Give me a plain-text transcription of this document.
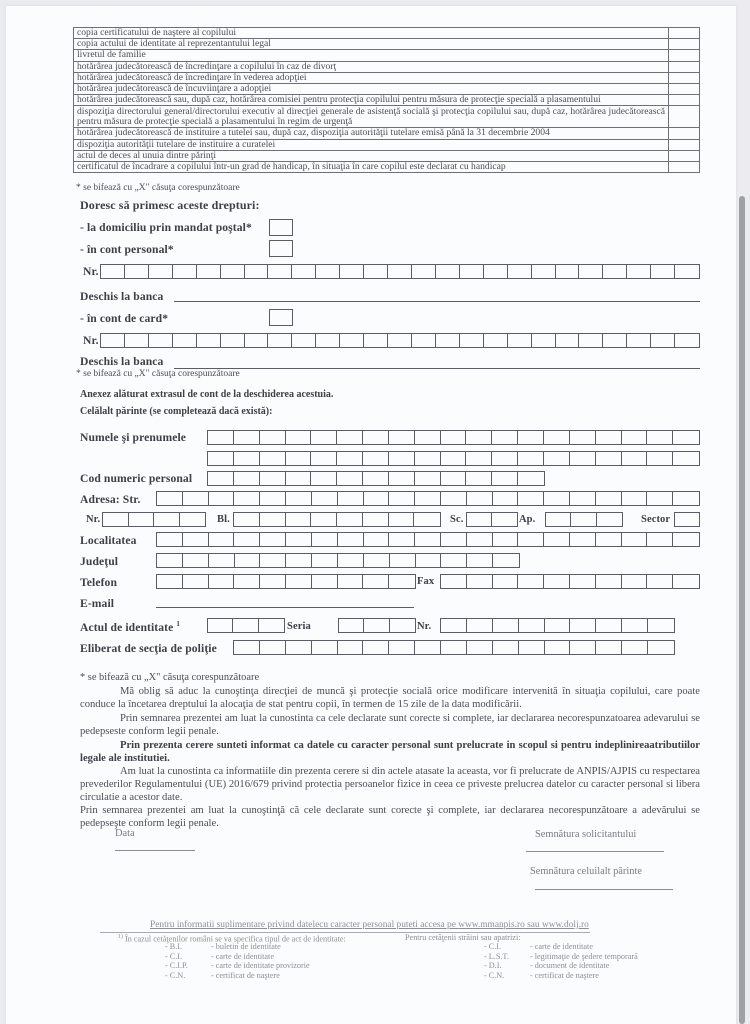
copia certificatului de naştere al copilului	
copia actului de identitate al reprezentantului legal	
livretul de familie	
hotărârea judecătorească de încredinţare a copilului în caz de divorţ	
hotărârea judecătorească de încredinţare în vederea adopţiei	
hotărârea judecătorească de încuviinţare a adopţiei	
hotărârea judecătorească sau, după caz, hotărârea comisiei pentru protecţia copilului pentru măsura de protecţie specială a plasamentului	
dispoziţia directorului general/directorului executiv al direcţiei generale de asistenţă socială şi protecţia copilului sau, după caz, hotărârea judecătorească pentru măsura de protecţie specială a plasamentului în regim de urgenţă	
hotărârea judecătorească de instituire a tutelei sau, după caz, dispoziţia autorităţii tutelare emisă până la 31 decembrie 2004	
dispoziţia autorităţii tutelare de instituire a curatelei	
actul de deces al unuia dintre părinţi	
certificatul de încadrare a copilului într-un grad de handicap, în situaţia în care copilul este declarat cu handicap	
* se bifează cu „X" căsuţa corespunzătoare
Doresc să primesc aceste drepturi:
- la domiciliu prin mandat poştal*
- în cont personal*
Nr.
Deschis la banca
- în cont de card*
Nr.
Deschis la banca
* se bifează cu „X" căsuţa corespunzătoare
Anexez alăturat extrasul de cont de la deschiderea acestuia.
Celălalt părinte (se completează dacă există):
Numele şi prenumele
Cod numeric personal
Adresa: Str.
Nr.	Bl.	Sc.	Ap.	Sector
Localitatea
Judeţul
Telefon	Fax
E-mail
Actul de identitate $^1$	Seria	Nr.
Eliberat de secţia de poliţie
* se bifează cu „X" căsuţa corespunzătoare
Mă oblig să aduc la cunoştinţa direcţiei de muncă şi protecţie socială orice modificare intervenită în situaţia copilului, care poate conduce la încetarea dreptului la alocaţia de stat pentru copii, în termen de 15 zile de la data modificării.
Prin semnarea prezentei am luat la cunostinta ca cele declarate sunt corecte si complete, iar declararea necorespunzatoarea adevarului se pedepseste conform legii penale.
Prin prezenta cerere sunteti informat ca datele cu caracter personal sunt prelucrate in scopul si pentru indeplinireaatributiilor legale ale institutiei.
Am luat la cunostinta ca informatiile din prezenta cerere si din actele atasate la aceasta, vor fi prelucrate de ANPIS/AJPIS cu respectarea prevederilor Regulamentului (UE) 2016/679 privind protectia persoanelor fizice in ceea ce priveste prelucrea datelor cu caracter personal si libera circulatie a acestor date.
Prin semnarea prezentei am luat la cunoştinţă că cele declarate sunt corecte şi complete, iar declararea necorespunzătoare a adevărului se pedepseşte conform legii penale.
Data	Semnătura solicitantului
Semnătura celuilalt părinte
Pentru informatii suplimentare privind datelecu caracter personal puteti accesa pe www.mmanpis.ro sau www.dolj.ro
$^{1)}$ În cazul cetăţenilor români se va specifica tipul de act de identitate:	Pentru cetăţenii străini sau apatrizi:
- B.I.	- buletin de identitate
- C.I.	- carte de identitate
- C.I.P.	- carte de identitate provizorie
- C.N.	- certificat de naştere
- C.I.	- carte de identitate
- L.S.T.	- legitimaţie de şedere temporară
- D.I.	- document de identitate
- C.N.	- certificat de naştere
